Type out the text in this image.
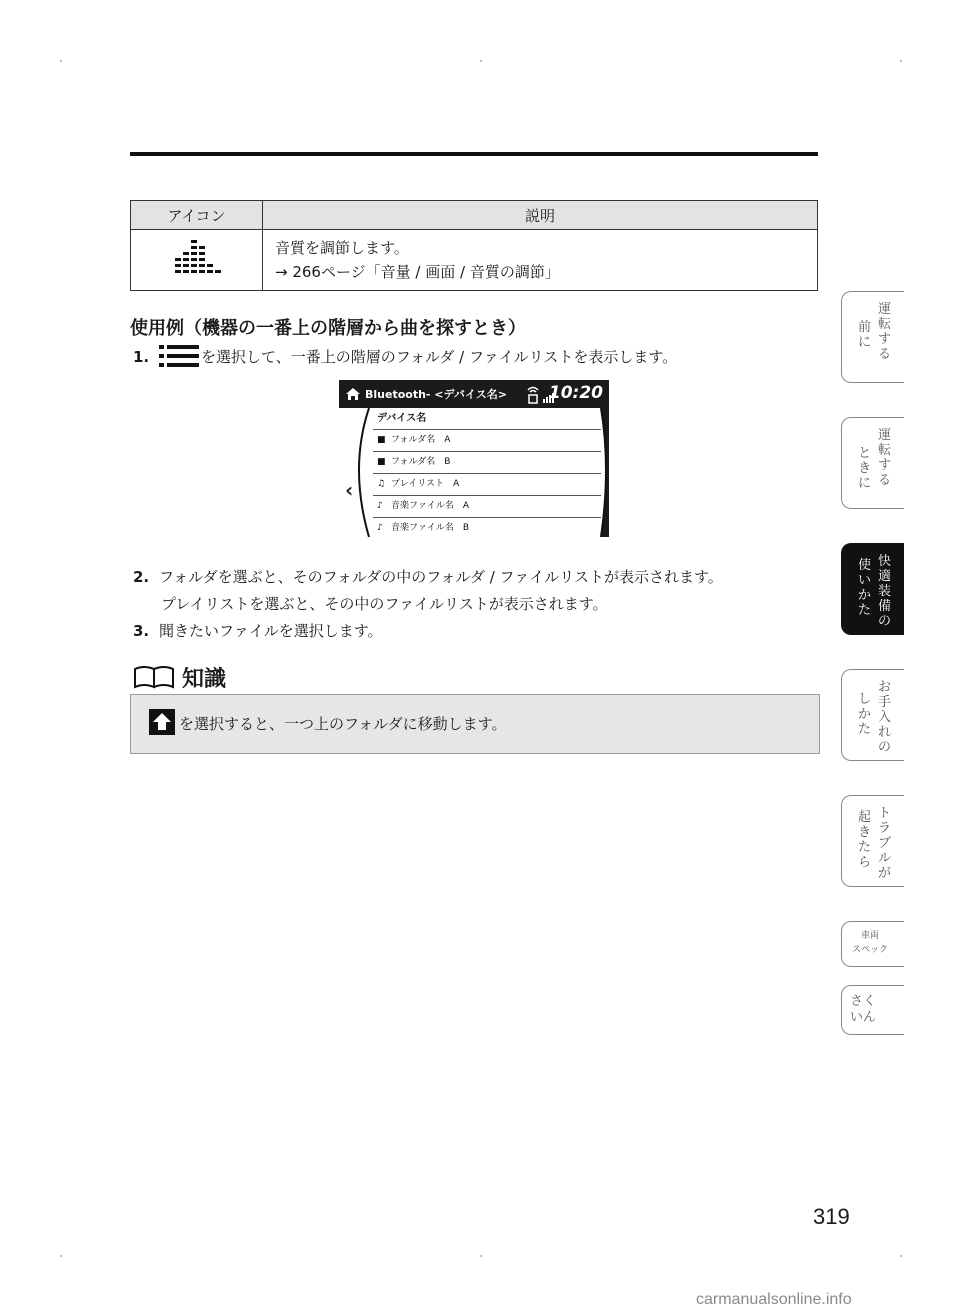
アイコン	説明

音質を調節します。
→ 266ページ「音量 / 画面 / 音質の調節」
使用例（機器の一番上の階層から曲を探すとき）
1.	を選択して、一番上の階層のフォルダ / ファイルリストを表示します。
Bluetooth- <デバイス名> 10:20
‹
デバイス名
■ フォルダ名　A
■ フォルダ名　B
♫ プレイリスト　A
♪ 音楽ファイル名　A
♪ 音楽ファイル名　B
2. フォルダを選ぶと、そのフォルダの中のフォルダ / ファイルリストが表示されます。
プレイリストを選ぶと、その中のファイルリストが表示されます。
3. 聞きたいファイルを選択します。
知識
を選択すると、一つ上のフォルダに移動します。
運転する
前に
運転する
ときに
快適装備の
使いかた
お手入れの
しかた
トラブルが
起きたら
車両
スペック
さく
いん
319
carmanualsonline.info
